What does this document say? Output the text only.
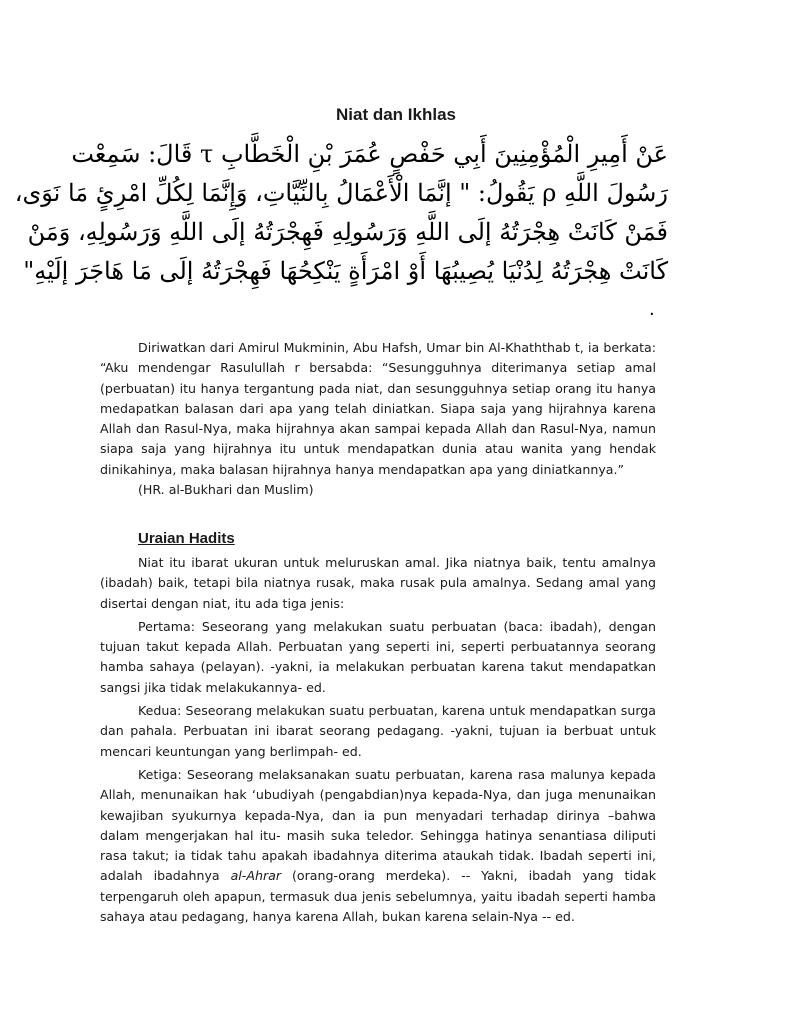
Niat dan Ikhlas
عَنْ أَمِيرِ الْمُؤْمِنِينَ أَبِي حَفْصٍ عُمَرَ بْنِ الْخَطَّابِ τ قَالَ: سَمِعْت
رَسُولَ اللَّهِ ρ يَقُولُ: " إنَّمَا الْأَعْمَالُ بِالنِّيَّاتِ، وَإِنَّمَا لِكُلِّ امْرِئٍ مَا نَوَى،
فَمَنْ كَانَتْ هِجْرَتُهُ إلَى اللَّهِ وَرَسُولِهِ فَهِجْرَتُهُ إلَى اللَّهِ وَرَسُولِهِ، وَمَنْ
كَانَتْ هِجْرَتُهُ لِدُنْيَا يُصِيبُهَا أَوْ امْرَأَةٍ يَنْكِحُهَا فَهِجْرَتُهُ إلَى مَا هَاجَرَ إلَيْهِ"
.

Diriwatkan dari Amirul Mukminin, Abu Hafsh, Umar bin Al-Khaththab t, ia berkata: “Aku mendengar Rasulullah r bersabda: “Sesungguhnya diterimanya setiap amal (perbuatan) itu hanya tergantung pada niat, dan sesungguhnya setiap orang itu hanya medapatkan balasan dari apa yang telah diniatkan. Siapa saja yang hijrahnya karena Allah dan Rasul-Nya, maka hijrahnya akan sampai kepada Allah dan Rasul-Nya, namun siapa saja yang hijrahnya itu untuk mendapatkan dunia atau wanita yang hendak dinikahinya, maka balasan hijrahnya hanya mendapatkan apa yang diniatkannya.”

(HR. al-Bukhari dan Muslim)

Uraian Hadits

Niat itu ibarat ukuran untuk meluruskan amal. Jika niatnya baik, tentu amalnya (ibadah) baik, tetapi bila niatnya rusak, maka rusak pula amalnya. Sedang amal yang disertai dengan niat, itu ada tiga jenis:

Pertama: Seseorang yang melakukan suatu perbuatan (baca: ibadah), dengan tujuan takut kepada Allah. Perbuatan yang seperti ini, seperti perbuatannya seorang hamba sahaya (pelayan). -yakni, ia melakukan perbuatan karena takut mendapatkan sangsi jika tidak melakukannya- ed.

Kedua: Seseorang melakukan suatu perbuatan, karena untuk mendapatkan surga dan pahala. Perbuatan ini ibarat seorang pedagang. -yakni, tujuan ia berbuat untuk mencari keuntungan yang berlimpah- ed.

Ketiga: Seseorang melaksanakan suatu perbuatan, karena rasa malunya kepada Allah, menunaikan hak ‘ubudiyah (pengabdian)nya kepada-Nya, dan juga menunaikan kewajiban syukurnya kepada-Nya, dan ia pun menyadari terhadap dirinya –bahwa dalam mengerjakan hal itu- masih suka teledor. Sehingga hatinya senantiasa diliputi rasa takut; ia tidak tahu apakah ibadahnya diterima ataukah tidak. Ibadah seperti ini, adalah ibadahnya al-Ahrar (orang-orang merdeka). -- Yakni, ibadah yang tidak terpengaruh oleh apapun, termasuk dua jenis sebelumnya, yaitu ibadah seperti hamba sahaya atau pedagang, hanya karena Allah, bukan karena selain-Nya -- ed.
